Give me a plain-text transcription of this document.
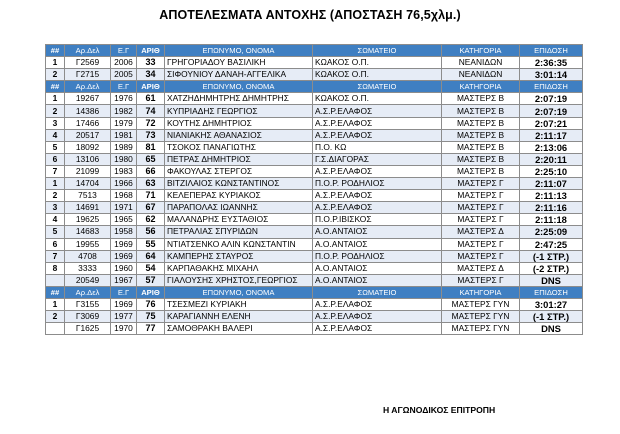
ΑΠΟΤΕΛΕΣΜΑΤΑ ΑΝΤΟΧΗΣ (ΑΠΟΣΤΑΣΗ 76,5χλμ.)
##	Αρ.Δελ	Ε.Γ	ΑΡΙΘ	ΕΠΩΝΥΜΟ, ΟΝΟΜΑ	ΣΩΜΑΤΕΙΟ	ΚΑΤΗΓΟΡΙΑ	ΕΠΙΔΟΣΗ
1	Γ2569	2006	33	ΓΡΗΓΟΡΙΑΔΟΥ ΒΑΣΙΛΙΚΗ	ΚΩΑΚΟΣ Ο.Π.	ΝΕΑΝΙΔΩΝ	2:36:35
2	Γ2715	2005	34	ΣΙΦΟΥΝΙΟΥ ΔΑΝΑΗ-ΑΓΓΕΛΙΚΑ	ΚΩΑΚΟΣ Ο.Π.	ΝΕΑΝΙΔΩΝ	3:01:14
##	Αρ.Δελ	Ε.Γ	ΑΡΙΘ	ΕΠΩΝΥΜΟ, ΟΝΟΜΑ	ΣΩΜΑΤΕΙΟ	ΚΑΤΗΓΟΡΙΑ	ΕΠΙΔΟΣΗ
1	19267	1976	61	ΧΑΤΖΗΔΗΜΗΤΡΗΣ ΔΗΜΗΤΡΗΣ	ΚΩΑΚΟΣ Ο.Π.	ΜΑΣΤΕΡΣ Β	2:07:19
2	14386	1982	74	ΚΥΠΡΙΑΔΗΣ ΓΕΩΡΓΙΟΣ	Α.Σ.Ρ.ΕΛΑΦΟΣ	ΜΑΣΤΕΡΣ Β	2:07:19
3	17466	1979	72	ΚΟΥΤΗΣ ΔΗΜΗΤΡΙΟΣ	Α.Σ.Ρ.ΕΛΑΦΟΣ	ΜΑΣΤΕΡΣ Β	2:07:21
4	20517	1981	73	ΝΙΑΝΙΑΚΗΣ ΑΘΑΝΑΣΙΟΣ	Α.Σ.Ρ.ΕΛΑΦΟΣ	ΜΑΣΤΕΡΣ Β	2:11:17
5	18092	1989	81	ΤΣΟΚΟΣ ΠΑΝΑΓΙΩΤΗΣ	Π.Ο. ΚΩ	ΜΑΣΤΕΡΣ Β	2:13:06
6	13106	1980	65	ΠΕΤΡΑΣ ΔΗΜΗΤΡΙΟΣ	Γ.Σ.ΔΙΑΓΟΡΑΣ	ΜΑΣΤΕΡΣ Β	2:20:11
7	21099	1983	66	ΦΑΚΟΥΛΑΣ ΣΤΕΡΓΟΣ	Α.Σ.Ρ.ΕΛΑΦΟΣ	ΜΑΣΤΕΡΣ Β	2:25:10
1	14704	1966	63	ΒΙΤΖΙΛΑΙΟΣ ΚΩΝΣΤΑΝΤΙΝΟΣ	Π.Ο.Ρ. ΡΟΔΗΛΙΟΣ	ΜΑΣΤΕΡΣ Γ	2:11:07
2	7513	1968	71	ΚΕΛΕΠΕΡΑΣ ΚΥΡΙΑΚΟΣ	Α.Σ.Ρ.ΕΛΑΦΟΣ	ΜΑΣΤΕΡΣ Γ	2:11:13
3	14691	1971	67	ΠΑΡΑΠΟΛΑΣ ΙΩΑΝΝΗΣ	Α.Σ.Ρ.ΕΛΑΦΟΣ	ΜΑΣΤΕΡΣ Γ	2:11:16
4	19625	1965	62	ΜΑΛΑΝΔΡΗΣ ΕΥΣΤΑΘΙΟΣ	Π.Ο.Ρ.ΙΒΙΣΚΟΣ	ΜΑΣΤΕΡΣ Γ	2:11:18
5	14683	1958	56	ΠΕΤΡΑΛΙΑΣ ΣΠΥΡΙΔΩΝ	Α.Ο.ΑΝΤΑΙΟΣ	ΜΑΣΤΕΡΣ Δ	2:25:09
6	19955	1969	55	ΝΤΙΑΤΣΕΝΚΟ ΑΛΙΝ ΚΩΝΣΤΑΝΤΙΝ	Α.Ο.ΑΝΤΑΙΟΣ	ΜΑΣΤΕΡΣ Γ	2:47:25
7	4708	1969	64	ΚΑΜΠΕΡΗΣ ΣΤΑΥΡΟΣ	Π.Ο.Ρ. ΡΟΔΗΛΙΟΣ	ΜΑΣΤΕΡΣ Γ	(-1 ΣΤΡ.)
8	3333	1960	54	ΚΑΡΠΑΘΑΚΗΣ ΜΙΧΑΗΛ	Α.Ο.ΑΝΤΑΙΟΣ	ΜΑΣΤΕΡΣ Δ	(-2 ΣΤΡ.)
	20549	1967	57	ΓΙΑΛΟΥΣΗΣ ΧΡΗΣΤΟΣ,ΓΕΩΡΓΙΟΣ	Α.Ο.ΑΝΤΑΙΟΣ	ΜΑΣΤΕΡΣ Γ	DNS
##	Αρ.Δελ	Ε.Γ	ΑΡΙΘ	ΕΠΩΝΥΜΟ, ΟΝΟΜΑ	ΣΩΜΑΤΕΙΟ	ΚΑΤΗΓΟΡΙΑ	ΕΠΙΔΟΣΗ
1	Γ3155	1969	76	ΤΣΕΣΜΕΖΙ ΚΥΡΙΑΚΗ	Α.Σ.Ρ.ΕΛΑΦΟΣ	ΜΑΣΤΕΡΣ ΓΥΝ	3:01:27
2	Γ3069	1977	75	ΚΑΡΑΓΙΑΝΝΗ ΕΛΕΝΗ	Α.Σ.Ρ.ΕΛΑΦΟΣ	ΜΑΣΤΕΡΣ ΓΥΝ	(-1 ΣΤΡ.)
	Γ1625	1970	77	ΣΑΜΟΘΡΑΚΗ ΒΑΛΕΡΙ	Α.Σ.Ρ.ΕΛΑΦΟΣ	ΜΑΣΤΕΡΣ ΓΥΝ	DNS
Η ΑΓΩΝΟΔΙΚΟΣ ΕΠΙΤΡΟΠΗ
